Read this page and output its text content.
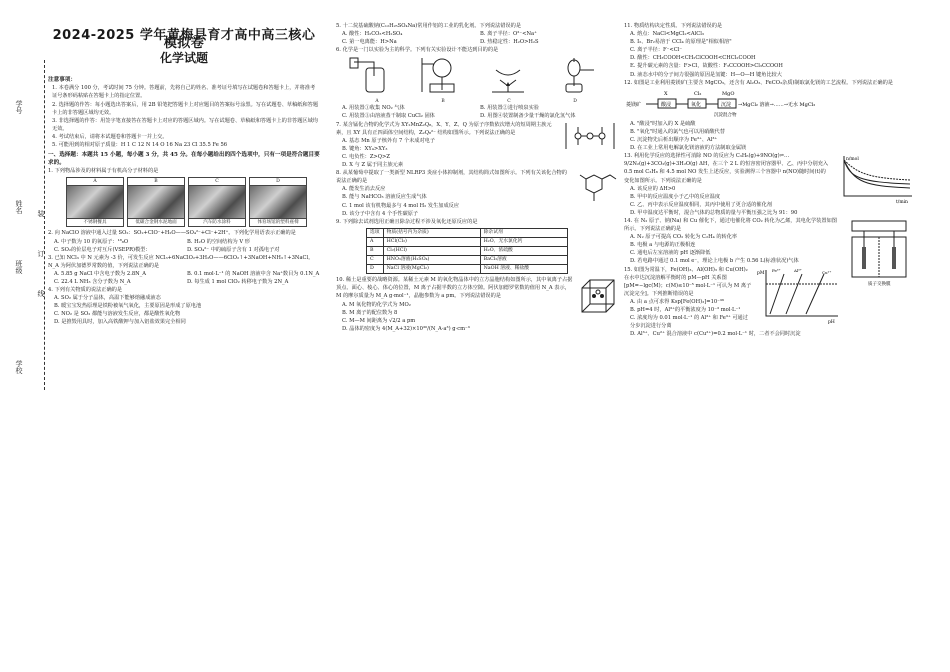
学号
姓名
班级
学校
装
订
线
2024-2025 学年黄梅县育才高中高三核心模拟卷
化学试题
注意事项：

1. 本卷满分 100 分，考试时间 75 分钟。答题前，先将自己的姓名、准考证号填写在试题卷和答题卡上，并将准考证号条形码粘贴在答题卡上的指定位置。

2. 选择题的作答：每小题选出答案后，用 2B 铅笔把答题卡上对应题目的答案标号涂黑。写在试题卷、草稿纸和答题卡上的非答题区域均无效。

3. 非选择题的作答：用签字笔直接答在答题卡上对应的答题区域内。写在试题卷、草稿纸和答题卡上的非答题区域均无效。

4. 考试结束后，请将本试题卷和答题卡一并上交。

5. 可能用到的相对原子质量：H 1 C 12 N 14 O 16 Na 23 Cl 35.5 Fe 56

一、选择题：本题共 15 小题，每小题 3 分，共 45 分。在每小题给出的四个选项中，只有一项是符合题目要求的。

1. 下列物品涉及的材料属于有机高分子材料的是

A
不锈钢餐具
B
低碳合金钢水泥地面
C
汽车防水涂料
D
体育场馆的塑料座椅

2. 向 NaClO 溶液中通入过量 SO₂：SO₂+ClO⁻+H₂O——SO₄²⁻+Cl⁻+2H⁺。下列化学用语表示正确的是

A. 中子数为 10 的氧原子：¹⁸₈O	B. H₂O 的空间结构为 V 形
C. SO₂的价层电子对互斥(VSEPR)模型：	D. SO₄²⁻ 中的硫原子含有 1 对孤电子对

3. 已知 NCl₃ 中 N 元素为 -3 价，可发生反应 NCl₃+6NaClO₂+3H₂O——6ClO₂↑+3NaOH+NH₃↑+3NaCl。N_A 为阿伏加德罗常数的值，下列说法正确的是

A. 5.85 g NaCl 中含电子数为 2.8N_A	B. 0.1 mol·L⁻¹ 的 NaOH 溶液中含 Na⁺数目为 0.1N_A
C. 22.4 L NH₃ 含分子数为 N_A	D. 每生成 1 mol ClO₂ 转移电子数为 2N_A

4. 下列有关物质的说法正确的是

A. SO₂ 属于分子晶体，高温下能够熔融成液态

B. 暖宝宝发热原理是铁粉被氧气氧化，主要原因是形成了原电池

C. NO₂ 是 SO₂ 都能与溶液发生反应，都是酸性氧化物

D. 是推毁用具时，加入高铁酸钾与加入铝盐效果完全相同

5. 十二烷基硫酸钠(C₁₂H₂₅SO₄Na)常用作铝的工业的乳化剂。下列说法错误的是

A. 酸性：H₂CO₃<H₂SO₄	B. 离子半径：O²⁻<Na⁺
C. 第一电离能：H>Na	D. 热稳定性：H₂O>H₂S

6. 化学是一门以实验为主的科学。下列有关实验设计不能达到目的的是

A	B	C	D
A. 用装置①收集 NO₂ 气体	B. 用装置②进行喷泉实验
C. 用装置③由溶液蒸干制取 CuCl₂ 固体	D. 用图④装置制备少量干燥的氯化氢气体

7. 某含锰化合物的化学式为 XY₂MnZ₂Q₈，X、Y、Z、Q 为原子序数依次增大的短周期主族元素，且 XY 具有正四面体空间结构，Z₂Q₈²⁻ 结构如图所示。下列说法正确的是

A. 基态 Mn 原子核外有 7 个未成对电子

B. 键角：XY₄>XY₃

C. 电负性：Z>Q>Z

D. X 与 Z 属于同主族元素

8. 从某葡萄中提取了一类新型 NLRP3 炎症小体抑制剂，其结构简式如图所示。下列有关该化合物的说法正确的是

A. 能发生消去反应

B. 能与 NaHCO₃ 溶液反应生成气体

C. 1 mol 该有机物最多与 4 mol H₂ 发生加成反应

D. 该分子中含有 4 个手性碳原子

9. 下列除去试剂选用正确且除杂过程不涉及氧化还原反应的是

选项	物质(括号内为杂质)	除杂试剂
A	HCl(Cl₂)	H₂O、无水氯化钙
B	Cl₂(HCl)	H₂O、浓硫酸
C	HNO₃溶液(H₂SO₄)	BaCl₂溶液
D	NaCl 溶液(MgCl₂)	NaOH 溶液、稀盐酸

10. 稀土是重要的战略资源。某稀土元素 M 的氧化物晶体中的立方晶胞结构如图所示，其中氧离子占据顶点、面心、棱心、体心的位置，M 离子占据半数的立方体空隙。阿伏加德罗常数的值用 N_A 表示，M 的摩尔质量为 M_A g·mol⁻¹，晶胞参数为 a pm。下列说法错误的是

A. M 氧化物的化学式为 MO₂

B. M 离子的配位数为 8

C. M—M 间距离为 √2/2 a pm

D. 晶体的密度为 4(M_A+32)×10³⁰/(N_A·a³) g·cm⁻³

11. 物质结构决定性质。下列说法错误的是

A. 熔点：NaCl<MgCl₂<AlCl₃

B. I₂、Br₂易溶于 CCl₄ 的原理是"相似相溶"

C. 离子半径：F⁻<Cl⁻

D. 酸性：CH₃COOH<CH₂ClCOOH<CHCl₂COOH

E. 提升碳元素的含量：F>Cl，故酸性：F₃CCOOH>Cl₃CCOOH

D. 液态水中的分子间力很强的原因是氢键：H—O—H 键角比较大

12. 如图是工业利用菱镁矿(主要含 MgCO₃，还含有 Al₂O₃、FeCO₃杂质)制取氯化镁的工艺流程。下列说法正确的是

菱镁矿	酸浸
X
氧化
Cl₂
沉淀
MgO
沉淀混合物
→MgCl₂ 溶液→……→无水 MgCl₂

A. "酸浸"时加入的 X 是硫酸

B. "氧化"时通入的氯气也可以用硝酸代替

C. 沉淀物先后析出顺序为 Fe³⁺、Al³⁺

D. 在工业上常用电解氯化镁溶液的方法制取金属镁

n/mol
t/min

13. 利用化学反应的选择性可消除 NO 的反应为 C₃H₆(g)+9NO(g)⇌…

9/2N₂(g)+3CO₂(g)+3H₂O(g) ΔH，在三个 2 L 的恒容密闭容器甲、乙、丙中分别充入 0.5 mol C₃H₆ 和 4.5 mol NO 发生上述反应，实验测得三个容器中 n(NO)随时间(t)的变化如图所示。下列说法正确的是

A. 该反应的 ΔH>0

B. 甲中的反应温度小于乙中的反应温度

C. 乙、丙中表示反应温度相同，其丙中使用了更合适的催化剂

D. 甲中温度达平衡时，混合气体的总物质的量与平衡压强之比为 91：90

质子交换膜

14. 在 N₂ 原子、钠(Na) 和 Cu 催化下，通过电催化将 CO₂ 转化为乙烯，其电化学装置如图所示。下列说法正确的是

A. N₂ 原子可提高 CO₂ 转化为 C₂H₄ 的转化率

B. 电极 a 与电源的正极相连

C. 通电后左室溶液的 pH 逐渐降低

D. 若电路中通过 0.1 mol e⁻，理论上电极 b 产生 0.56 L(标准状况)气体

pM
pH
Cu²⁺
Fe³⁺	Al³⁺

15. 如图为常温下，Fe(OH)₃、Al(OH)₃ 和 Cu(OH)₂ 在水中达沉淀溶解平衡时的 pM—pH 关系图[pM=−lgc(M)；c(M)≤10⁻⁵ mol·L⁻¹ 可认为 M 离子沉淀完全]。下列推断错误的是

A. 由 a 点可求得 Ksp[Fe(OH)₃]=10⁻³⁶

B. pH=4 时，Al³⁺的平衡浓度为 10⁻³ mol·L⁻¹

C. 浓度均为 0.01 mol·L⁻¹ 的 Al³⁺ 和 Fe³⁺ 可通过分步沉淀进行分离

D. Al³⁺、Cu²⁺ 混合溶液中 c(Cu²⁺)=0.2 mol·L⁻¹ 时，二者不会同时沉淀
